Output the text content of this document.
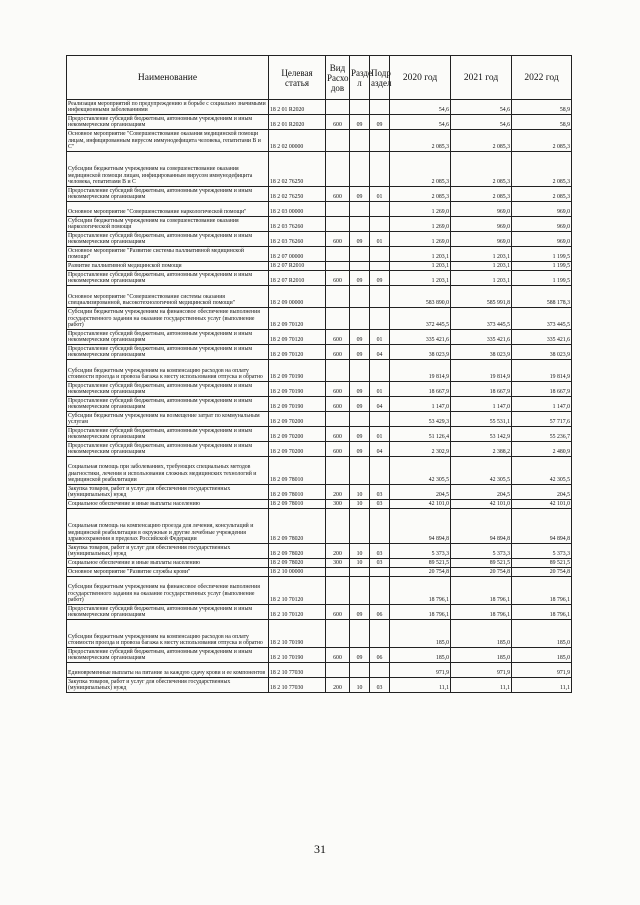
Наименование	Целевая статья	Вид Расхо дов	Разде л	Подр аздел	2020 год	2021 год	2022 год
Реализация мероприятий по предупреждению и борьбе с социально значимыми инфекционными заболеваниями	18 2 01 R2020				54,6	54,6	58,9
Предоставление субсидий бюджетным, автономным учреждениям и иным некоммерческим организациям	18 2 01 R2020	600	09	09	54,6	54,6	58,9
Основное мероприятие "Совершенствование оказания медицинской помощи лицам, инфицированным вирусом иммунодефицита человека, гепатитами В и С"	18 2 02 00000				2 085,3	2 085,3	2 085,3
Субсидии бюджетным учреждениям на совершенствование оказания медицинской помощи лицам, инфицированным вирусом иммунодефицита человека, гепатитами В и С	18 2 02 76250				2 085,3	2 085,3	2 085,3
Предоставление субсидий бюджетным, автономным учреждениям и иным некоммерческим организациям	18 2 02 76250	600	09	01	2 085,3	2 085,3	2 085,3
Основное мероприятие "Совершенствование наркологической помощи"	18 2 03 00000				1 269,0	969,0	969,0
Субсидии бюджетным учреждениям на совершенствование оказания наркологической помощи	18 2 03 76260				1 269,0	969,0	969,0
Предоставление субсидий бюджетным, автономным учреждениям и иным некоммерческим организациям	18 2 03 76260	600	09	01	1 269,0	969,0	969,0
Основное мероприятие "Развитие системы паллиативной медицинской помощи"	18 2 07 00000				1 203,1	1 203,1	1 199,5
Развитие паллиативной медицинской помощи	18 2 07 R2010				1 203,1	1 203,1	1 199,5
Предоставление субсидий бюджетным, автономным учреждениям и иным некоммерческим организациям	18 2 07 R2010	600	09	09	1 203,1	1 203,1	1 199,5
Основное мероприятие "Совершенствование системы оказания специализированной, высокотехнологичной медицинской помощи"	18 2 09 00000				583 890,0	585 991,8	588 178,3
Субсидии бюджетным учреждениям на финансовое обеспечение выполнения государственного задания на оказание государственных услуг (выполнение работ)	18 2 09 70120				372 445,5	373 445,5	373 445,5
Предоставление субсидий бюджетным, автономным учреждениям и иным некоммерческим организациям	18 2 09 70120	600	09	01	335 421,6	335 421,6	335 421,6
Предоставление субсидий бюджетным, автономным учреждениям и иным некоммерческим организациям	18 2 09 70120	600	09	04	38 023,9	38 023,9	38 023,9
Субсидии бюджетным учреждениям на компенсацию расходов на оплату стоимости проезда и провоза багажа к месту использования отпуска и обратно	18 2 09 70190				19 814,9	19 814,9	19 814,9
Предоставление субсидий бюджетным, автономным учреждениям и иным некоммерческим организациям	18 2 09 70190	600	09	01	18 667,9	18 667,9	18 667,9
Предоставление субсидий бюджетным, автономным учреждениям и иным некоммерческим организациям	18 2 09 70190	600	09	04	1 147,0	1 147,0	1 147,0
Субсидии бюджетным учреждениям на возмещение затрат по коммунальным услугам	18 2 09 70200				53 429,3	55 531,1	57 717,6
Предоставление субсидий бюджетным, автономным учреждениям и иным некоммерческим организациям	18 2 09 70200	600	09	01	51 126,4	53 142,9	55 236,7
Предоставление субсидий бюджетным, автономным учреждениям и иным некоммерческим организациям	18 2 09 70200	600	09	04	2 302,9	2 388,2	2 480,9
Социальная помощь при заболеваниях, требующих специальных методов диагностики, лечения и использования сложных медицинских технологий и медицинской реабилитации	18 2 09 78010				42 305,5	42 305,5	42 305,5
Закупка товаров, работ и услуг для обеспечения государственных (муниципальных) нужд	18 2 09 78010	200	10	03	204,5	204,5	204,5
Социальное обеспечение и иные выплаты населению	18 2 09 78010	300	10	03	42 101,0	42 101,0	42 101,0
Социальная помощь на компенсацию проезда для лечения, консультаций и медицинской реабилитации в окружные и другие лечебные учреждения здравоохранения в пределах Российской Федерации	18 2 09 78020				94 894,8	94 894,8	94 894,8
Закупка товаров, работ и услуг для обеспечения государственных (муниципальных) нужд	18 2 09 78020	200	10	03	5 373,3	5 373,3	5 373,3
Социальное обеспечение и иные выплаты населению	18 2 09 78020	300	10	03	89 521,5	89 521,5	89 521,5
Основное мероприятие "Развитие службы крови"	18 2 10 00000				20 754,8	20 754,8	20 754,8
Субсидии бюджетным учреждениям на финансовое обеспечение выполнения государственного задания на оказание государственных услуг (выполнение работ)	18 2 10 70120				18 796,1	18 796,1	18 796,1
Предоставление субсидий бюджетным, автономным учреждениям и иным некоммерческим организациям	18 2 10 70120	600	09	06	18 796,1	18 796,1	18 796,1
Субсидии бюджетным учреждениям на компенсацию расходов на оплату стоимости проезда и провоза багажа к месту использования отпуска и обратно	18 2 10 70190				185,0	185,0	185,0
Предоставление субсидий бюджетным, автономным учреждениям и иным некоммерческим организациям	18 2 10 70190	600	09	06	185,0	185,0	185,0
Единовременные выплаты на питание за каждую сдачу крови и ее компонентов	18 2 10 77030				971,9	971,9	971,9
Закупка товаров, работ и услуг для обеспечения государственных (муниципальных) нужд	18 2 10 77030	200	10	03	11,1	11,1	11,1
31
